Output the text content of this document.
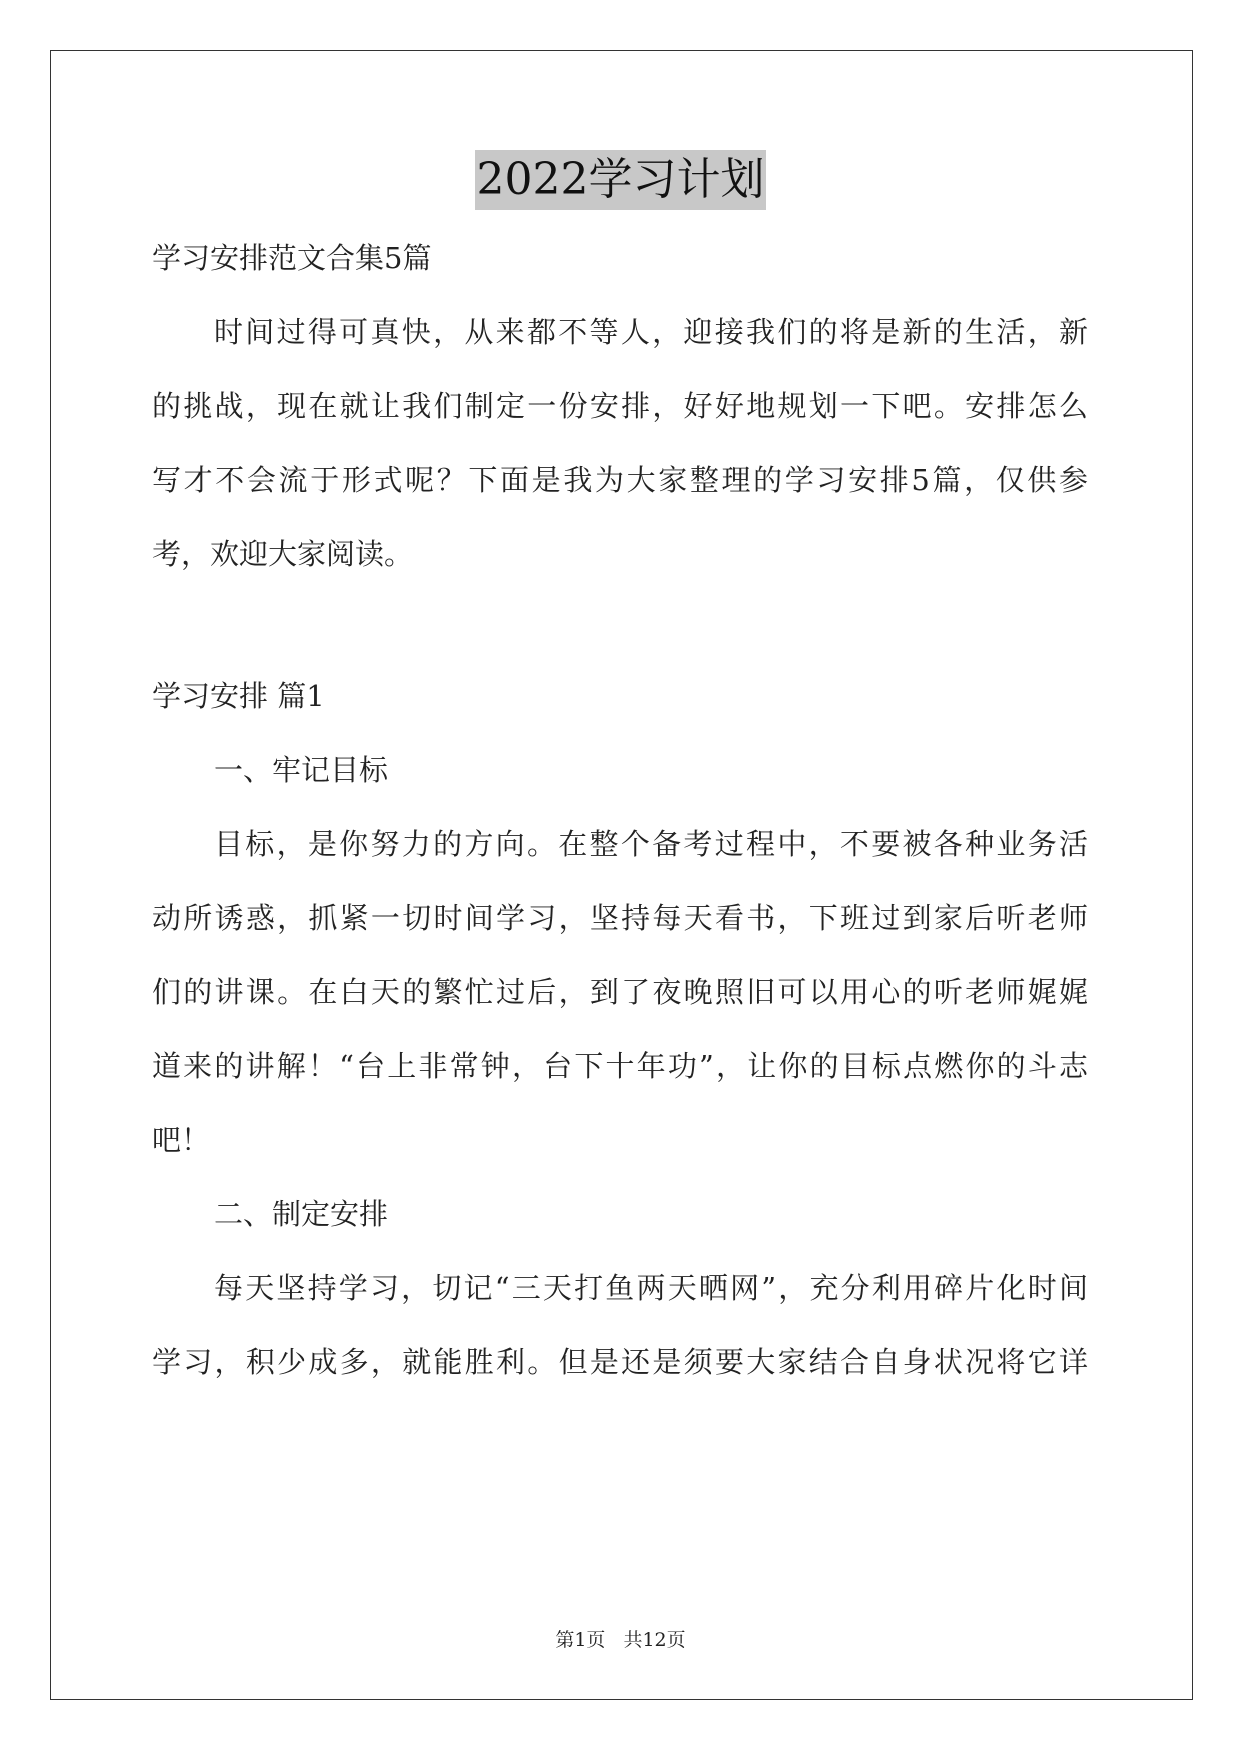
2022学习计划
学习安排范文合集5篇
时间过得可真快，从来都不等人，迎接我们的将是新的生活，新
的挑战，现在就让我们制定一份安排，好好地规划一下吧。安排怎么
写才不会流于形式呢？下面是我为大家整理的学习安排5篇，仅供参
考，欢迎大家阅读。
学习安排 篇1
一、牢记目标
目标，是你努力的方向。在整个备考过程中，不要被各种业务活
动所诱惑，抓紧一切时间学习，坚持每天看书，下班过到家后听老师
们的讲课。在白天的繁忙过后，到了夜晚照旧可以用心的听老师娓娓
道来的讲解！“台上非常钟，台下十年功”，让你的目标点燃你的斗志
吧！
二、制定安排
每天坚持学习，切记“三天打鱼两天晒网”，充分利用碎片化时间
学习，积少成多，就能胜利。但是还是须要大家结合自身状况将它详
第1页 共12页
